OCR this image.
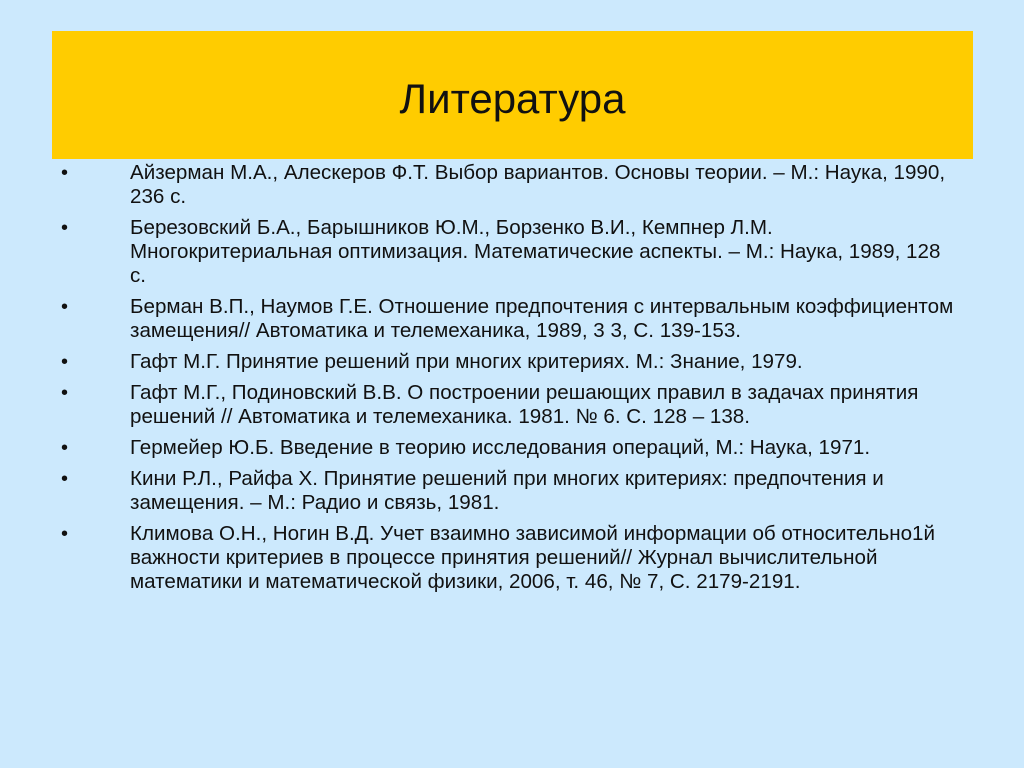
Литература
•	Айзерман М.А., Алескеров Ф.Т. Выбор вариантов. Основы теории. – М.: Наука, 1990, 236 с.
•	Березовский Б.А., Барышников Ю.М., Борзенко В.И., Кемпнер Л.М. Многокритериальная оптимизация. Математические аспекты. – М.: Наука, 1989, 128 с.
•	Берман В.П., Наумов Г.Е. Отношение предпочтения с интервальным коэффициентом замещения// Автоматика и телемеханика, 1989, 3 3, С. 139-153.
•	Гафт М.Г. Принятие решений при многих критериях. М.: Знание, 1979.
•	Гафт М.Г., Подиновский В.В. О построении решающих правил в задачах принятия решений // Автоматика и телемеханика. 1981. № 6. С. 128 – 138.
•	Гермейер Ю.Б. Введение в теорию исследования операций, М.: Наука, 1971.
•	Кини Р.Л., Райфа Х. Принятие решений при многих критериях: предпочтения и замещения. – М.: Радио и связь, 1981.
•	Климова О.Н., Ногин В.Д. Учет взаимно зависимой информации об относительно1й важности критериев в процессе принятия решений// Журнал вычислительной математики и математической физики, 2006, т. 46, № 7, С. 2179-2191.
